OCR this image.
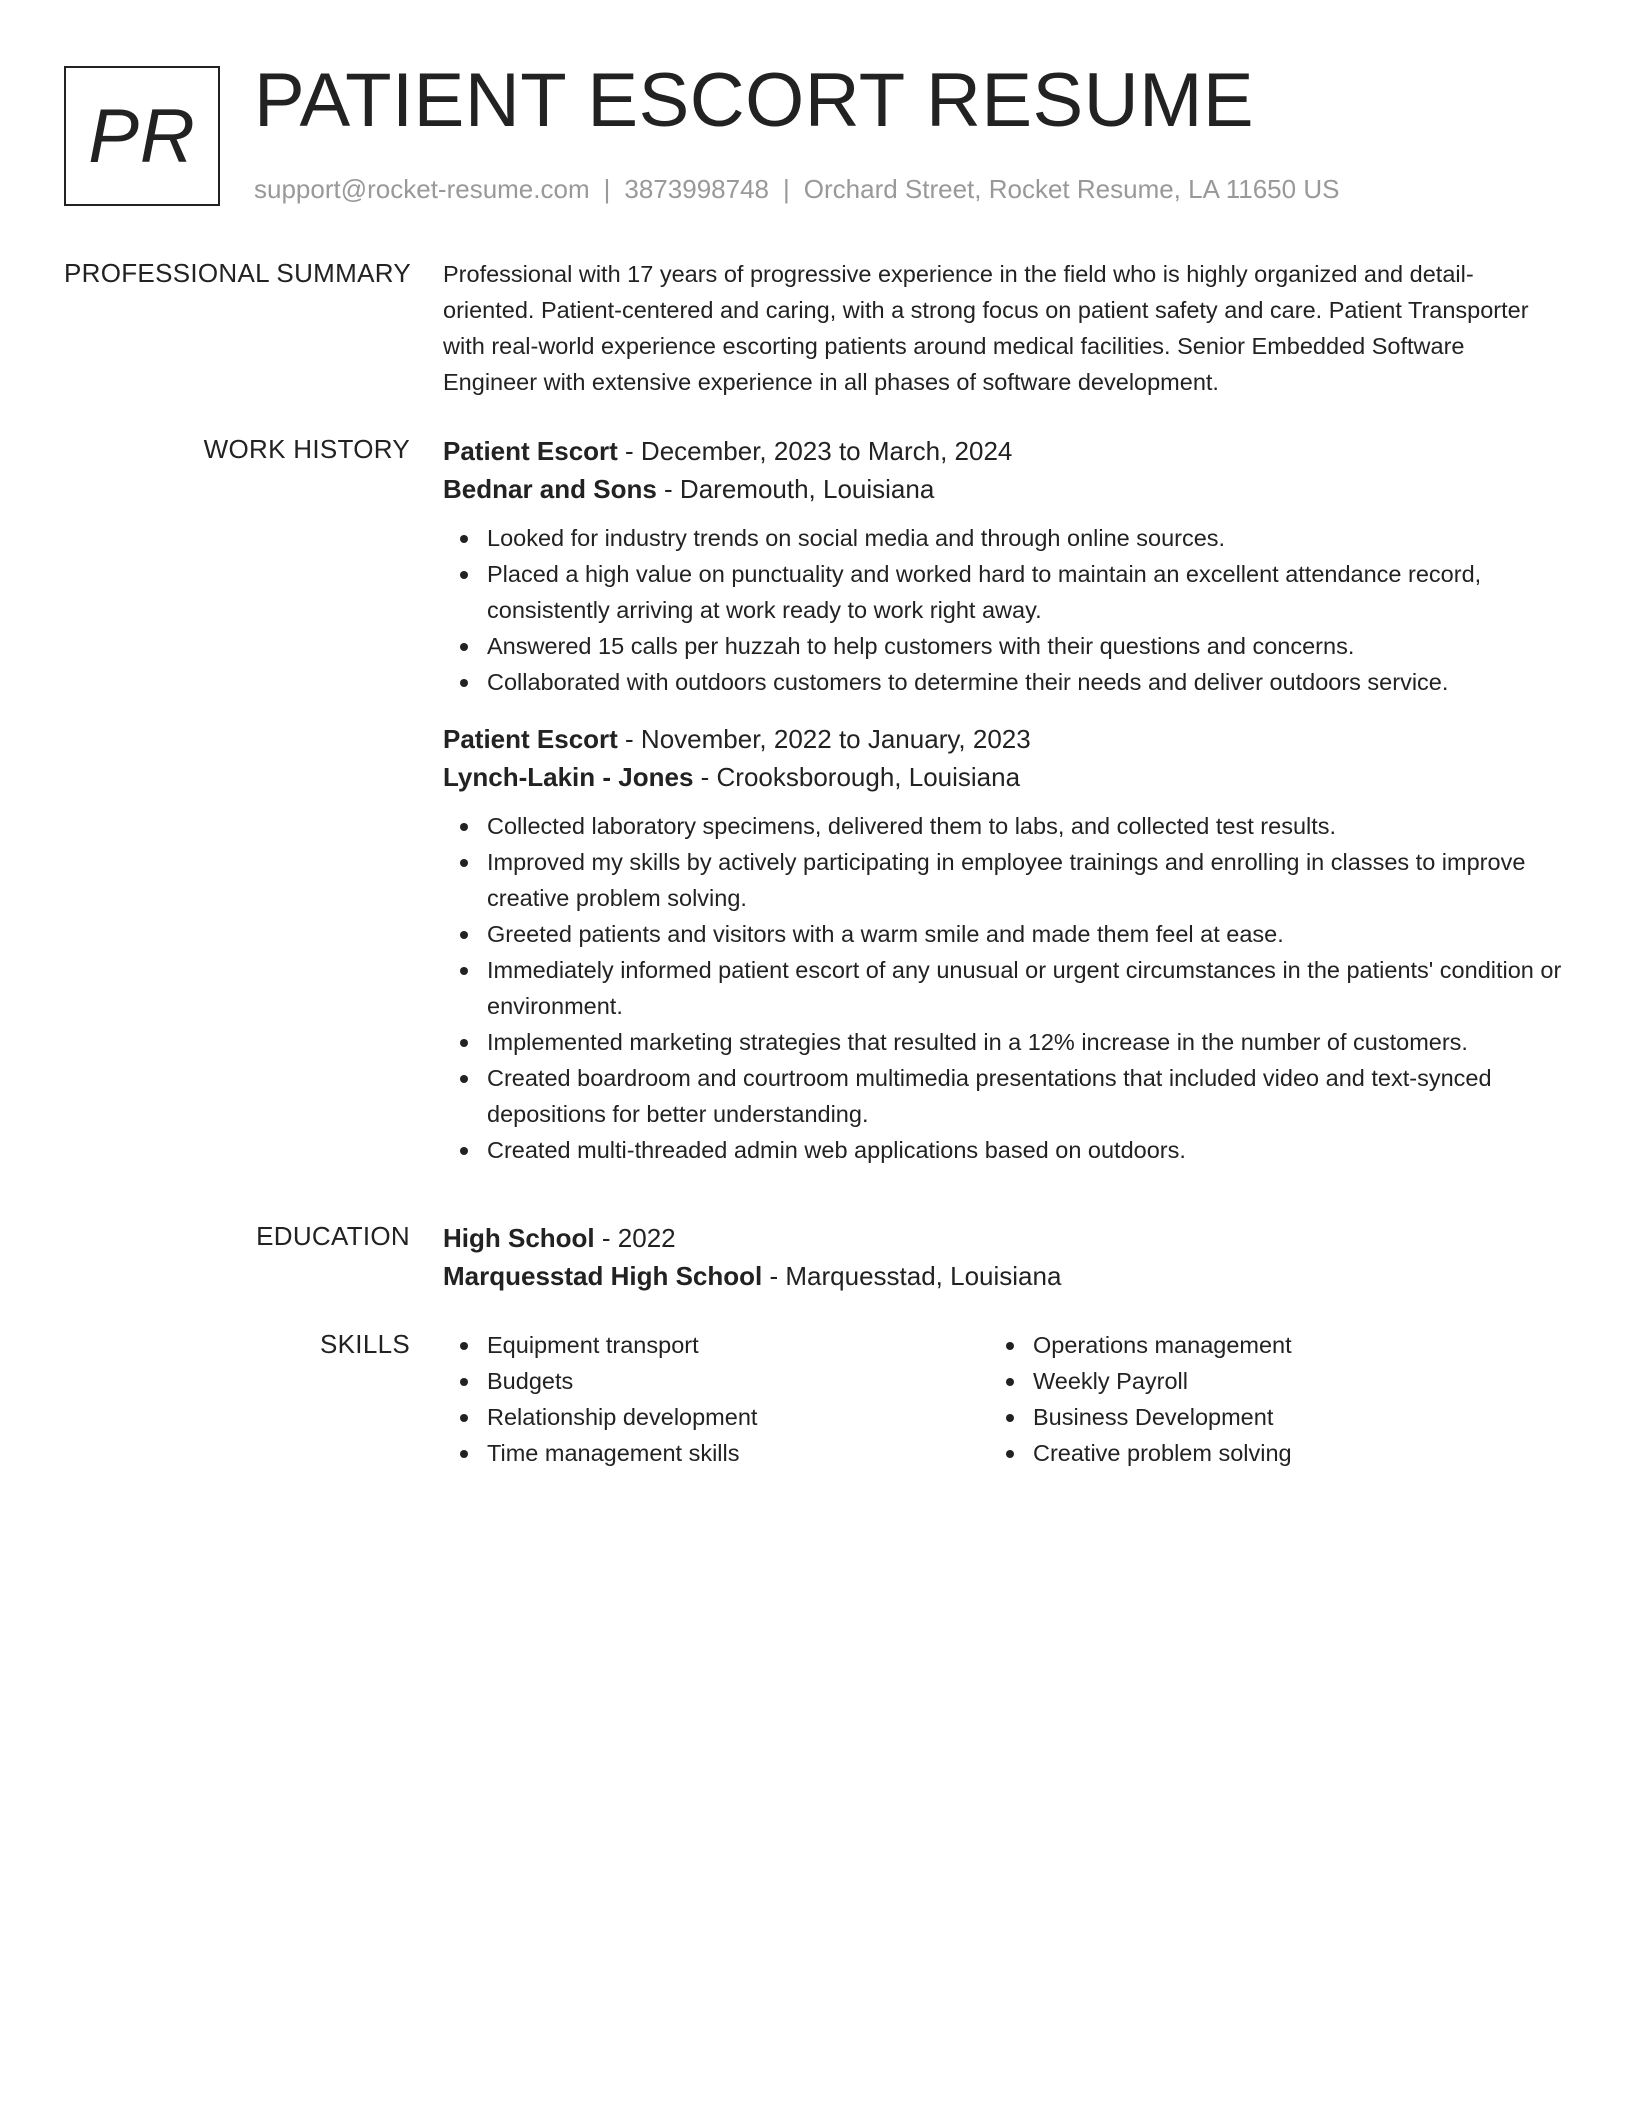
PR PATIENT ESCORT RESUME
support@rocket-resume.com | 3873998748 | Orchard Street, Rocket Resume, LA 11650 US
PROFESSIONAL SUMMARY Professional with 17 years of progressive experience in the field who is highly organized and detail-oriented. Patient-centered and caring, with a strong focus on patient safety and care. Patient Transporter with real-world experience escorting patients around medical facilities. Senior Embedded Software Engineer with extensive experience in all phases of software development.
WORK HISTORY Patient Escort - December, 2023 to March, 2024
Bednar and Sons - Daremouth, Louisiana
Looked for industry trends on social media and through online sources.
Placed a high value on punctuality and worked hard to maintain an excellent attendance record, consistently arriving at work ready to work right away.
Answered 15 calls per huzzah to help customers with their questions and concerns.
Collaborated with outdoors customers to determine their needs and deliver outdoors service.
Patient Escort - November, 2022 to January, 2023
Lynch-Lakin - Jones - Crooksborough, Louisiana
Collected laboratory specimens, delivered them to labs, and collected test results.
Improved my skills by actively participating in employee trainings and enrolling in classes to improve creative problem solving.
Greeted patients and visitors with a warm smile and made them feel at ease.
Immediately informed patient escort of any unusual or urgent circumstances in the patients' condition or environment.
Implemented marketing strategies that resulted in a 12% increase in the number of customers.
Created boardroom and courtroom multimedia presentations that included video and text-synced depositions for better understanding.
Created multi-threaded admin web applications based on outdoors.
EDUCATION High School - 2022
Marquesstad High School - Marquesstad, Louisiana
SKILLS	Equipment transport
Budgets
Relationship development
Time management skills
Operations management
Weekly Payroll
Business Development
Creative problem solving
